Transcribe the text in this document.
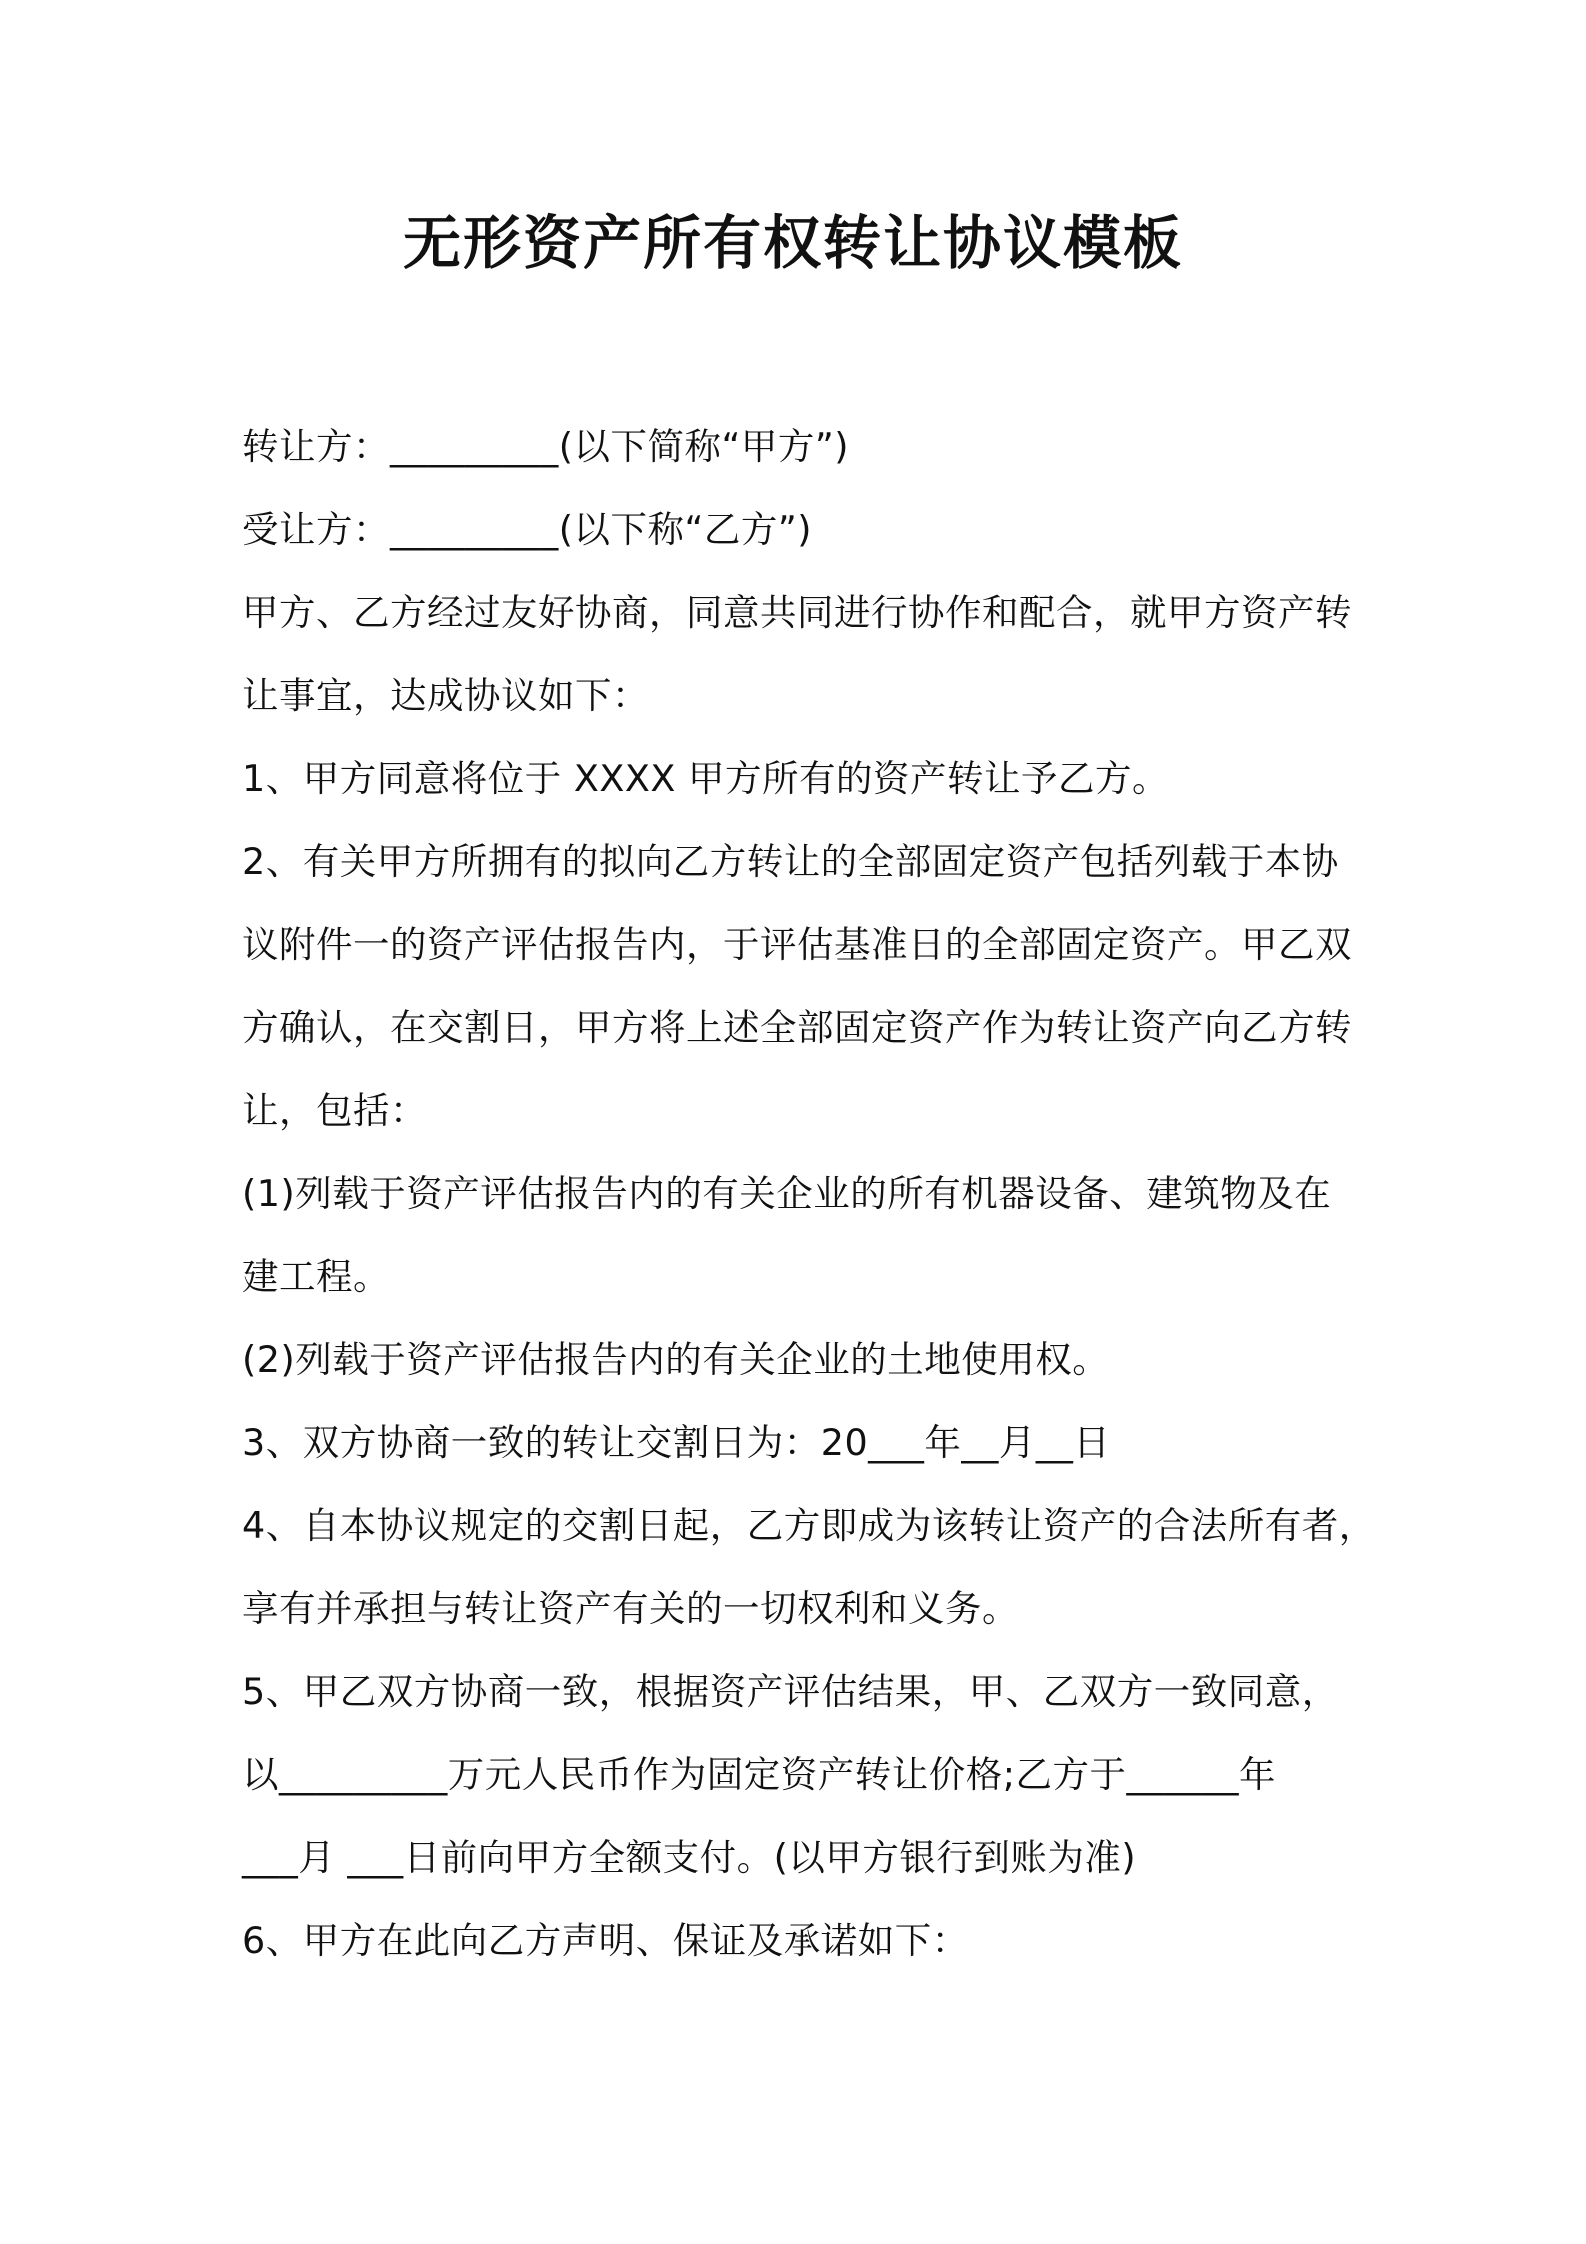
无形资产所有权转让协议模板
转让方：_________(以下简称“甲方”)
受让方：_________(以下称“乙方”)
甲方、乙方经过友好协商，同意共同进行协作和配合，就甲方资产转
让事宜，达成协议如下：
1、甲方同意将位于 XXXX 甲方所有的资产转让予乙方。
2、有关甲方所拥有的拟向乙方转让的全部固定资产包括列载于本协
议附件一的资产评估报告内，于评估基准日的全部固定资产。甲乙双
方确认，在交割日，甲方将上述全部固定资产作为转让资产向乙方转
让，包括：
(1)列载于资产评估报告内的有关企业的所有机器设备、建筑物及在
建工程。
(2)列载于资产评估报告内的有关企业的土地使用权。
3、双方协商一致的转让交割日为：20___年__月__日
4、自本协议规定的交割日起，乙方即成为该转让资产的合法所有者，
享有并承担与转让资产有关的一切权利和义务。
5、甲乙双方协商一致，根据资产评估结果，甲、乙双方一致同意，
以_________万元人民币作为固定资产转让价格;乙方于______年
___月 ___日前向甲方全额支付。(以甲方银行到账为准)
6、甲方在此向乙方声明、保证及承诺如下：
